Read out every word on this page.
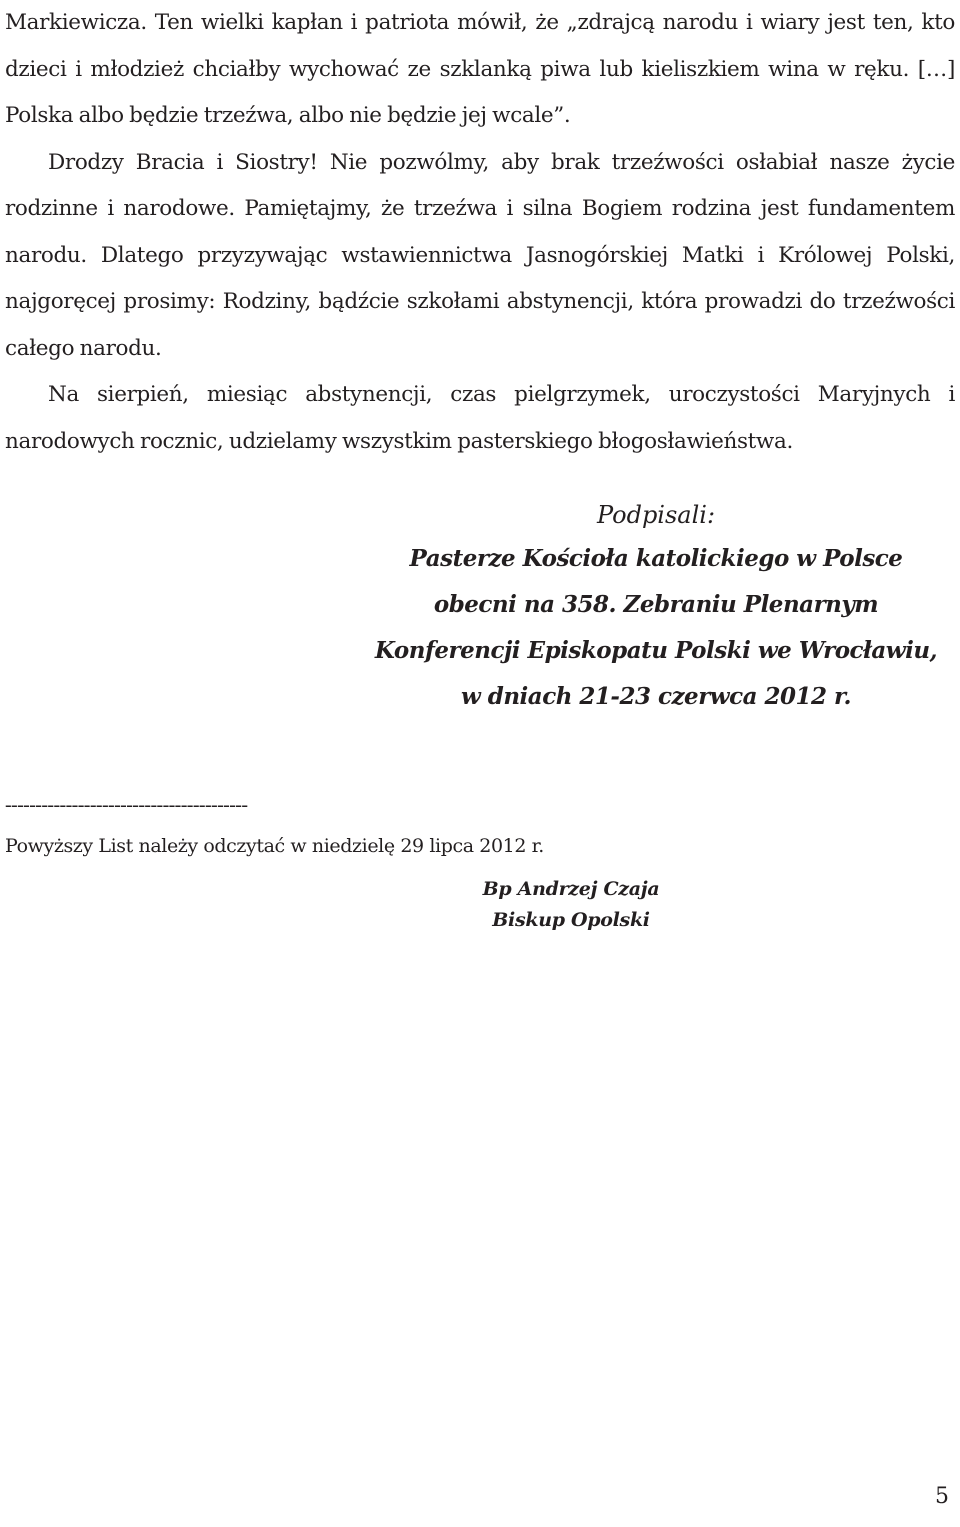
Markiewicza. Ten wielki kapłan i patriota mówił, że „zdrajcą narodu i wiary jest ten, kto dzieci i młodzież chciałby wychować ze szklanką piwa lub kieliszkiem wina w ręku. […] Polska albo będzie trzeźwa, albo nie będzie jej wcale”.

Drodzy Bracia i Siostry! Nie pozwólmy, aby brak trzeźwości osłabiał nasze życie rodzinne i narodowe. Pamiętajmy, że trzeźwa i silna Bogiem rodzina jest fundamentem narodu. Dlatego przyzywając wstawiennictwa Jasnogórskiej Matki i Królowej Polski, najgoręcej prosimy: Rodziny, bądźcie szkołami abstynencji, która prowadzi do trzeźwości całego narodu.

Na sierpień, miesiąc abstynencji, czas pielgrzymek, uroczystości Maryjnych i narodowych rocznic, udzielamy wszystkim pasterskiego błogosławieństwa.

Podpisali:
Pasterze Kościoła katolickiego w Polsce
obecni na 358. Zebraniu Plenarnym
Konferencji Episkopatu Polski we Wrocławiu,
w dniach 21-23 czerwca 2012 r.
----------------------------------------
Powyższy List należy odczytać w niedzielę 29 lipca 2012 r.
Bp Andrzej Czaja
Biskup Opolski
5
